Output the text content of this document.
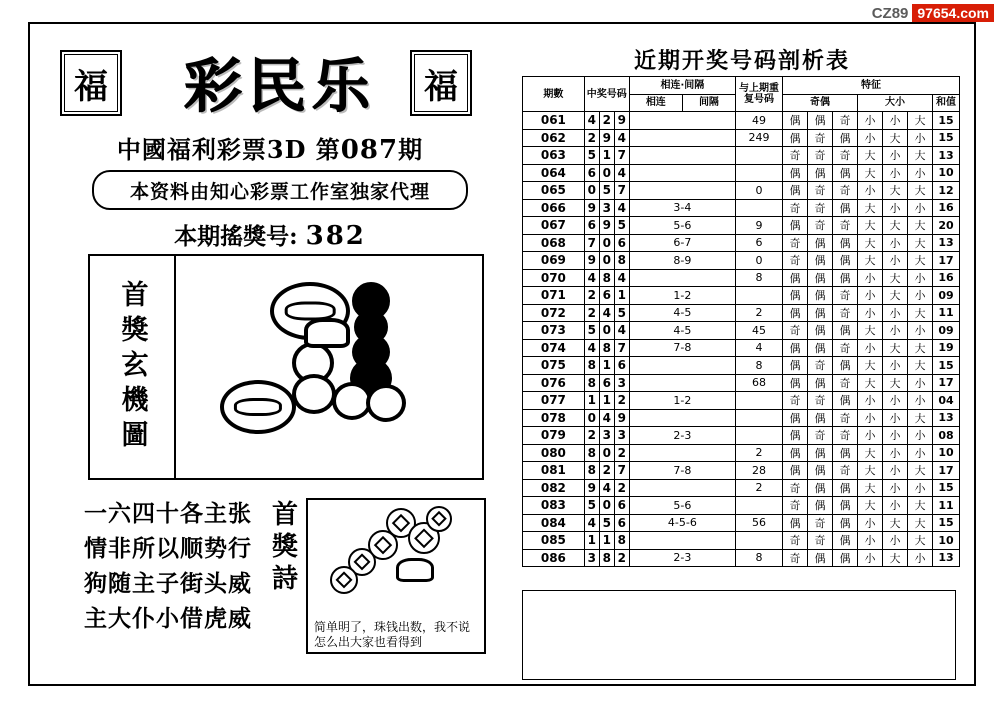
CZ89 97654.com
福	福
彩民乐
中國福利彩票3D 第087期
本资料由知心彩票工作室独家代理
本期搖獎号: 382
首獎玄機圖
一六四十各主张
情非所以顺势行
狗随主子街头威
主大仆小借虎威
首獎詩
简单明了，珠钱出数，我不说怎么出大家也看得到
近期开奖号码剖析表
期數	中奖号码			相连·间隔		与上期重复号码	特征						
				相连	间隔		奇偶			大小			和值
061	4	2	9			49	偶	偶	奇	小	小	大	15
062	2	9	4			249	偶	奇	偶	小	大	小	15
063	5	1	7				奇	奇	奇	大	小	大	13
064	6	0	4				偶	偶	偶	大	小	小	10
065	0	5	7			0	偶	奇	奇	小	大	大	12
066	9	3	4	3-4			奇	奇	偶	大	小	小	16
067	6	9	5	5-6		9	偶	奇	奇	大	大	大	20
068	7	0	6	6-7		6	奇	偶	偶	大	小	大	13
069	9	0	8	8-9		0	奇	偶	偶	大	小	大	17
070	4	8	4			8	偶	偶	偶	小	大	小	16
071	2	6	1	1-2			偶	偶	奇	小	大	小	09
072	2	4	5	4-5		2	偶	偶	奇	小	小	大	11
073	5	0	4	4-5		45	奇	偶	偶	大	小	小	09
074	4	8	7	7-8		4	偶	偶	奇	小	大	大	19
075	8	1	6			8	偶	奇	偶	大	小	大	15
076	8	6	3			68	偶	偶	奇	大	大	小	17
077	1	1	2	1-2			奇	奇	偶	小	小	小	04
078	0	4	9				偶	偶	奇	小	小	大	13
079	2	3	3	2-3			偶	奇	奇	小	小	小	08
080	8	0	2			2	偶	偶	偶	大	小	小	10
081	8	2	7	7-8		28	偶	偶	奇	大	小	大	17
082	9	4	2			2	奇	偶	偶	大	小	小	15
083	5	0	6	5-6			奇	偶	偶	大	小	大	11
084	4	5	6	4-5-6		56	偶	奇	偶	小	大	大	15
085	1	1	8				奇	奇	偶	小	小	大	10
086	3	8	2	2-3		8	奇	偶	偶	小	大	小	13
